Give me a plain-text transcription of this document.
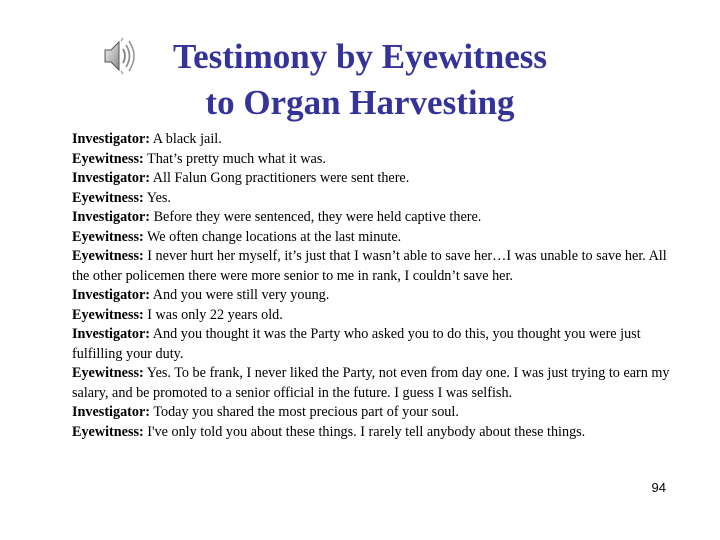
Testimony by Eyewitness
to Organ Harvesting
Investigator: A black jail.
Eyewitness: That’s pretty much what it was.
Investigator: All Falun Gong practitioners were sent there.
Eyewitness: Yes.
Investigator: Before they were sentenced, they were held captive there.
Eyewitness: We often change locations at the last minute.
Eyewitness: I never hurt her myself, it’s just that I wasn’t able to save her…I was unable to save her. All the other policemen there were more senior to me in rank, I couldn’t save her.
Investigator: And you were still very young.
Eyewitness: I was only 22 years old.
Investigator: And you thought it was the Party who asked you to do this, you thought you were just fulfilling your duty.
Eyewitness: Yes. To be frank, I never liked the Party, not even from day one. I was just trying to earn my salary, and be promoted to a senior official in the future. I guess I was selfish.
Investigator: Today you shared the most precious part of your soul.
Eyewitness: I've only told you about these things. I rarely tell anybody about these things.
94
